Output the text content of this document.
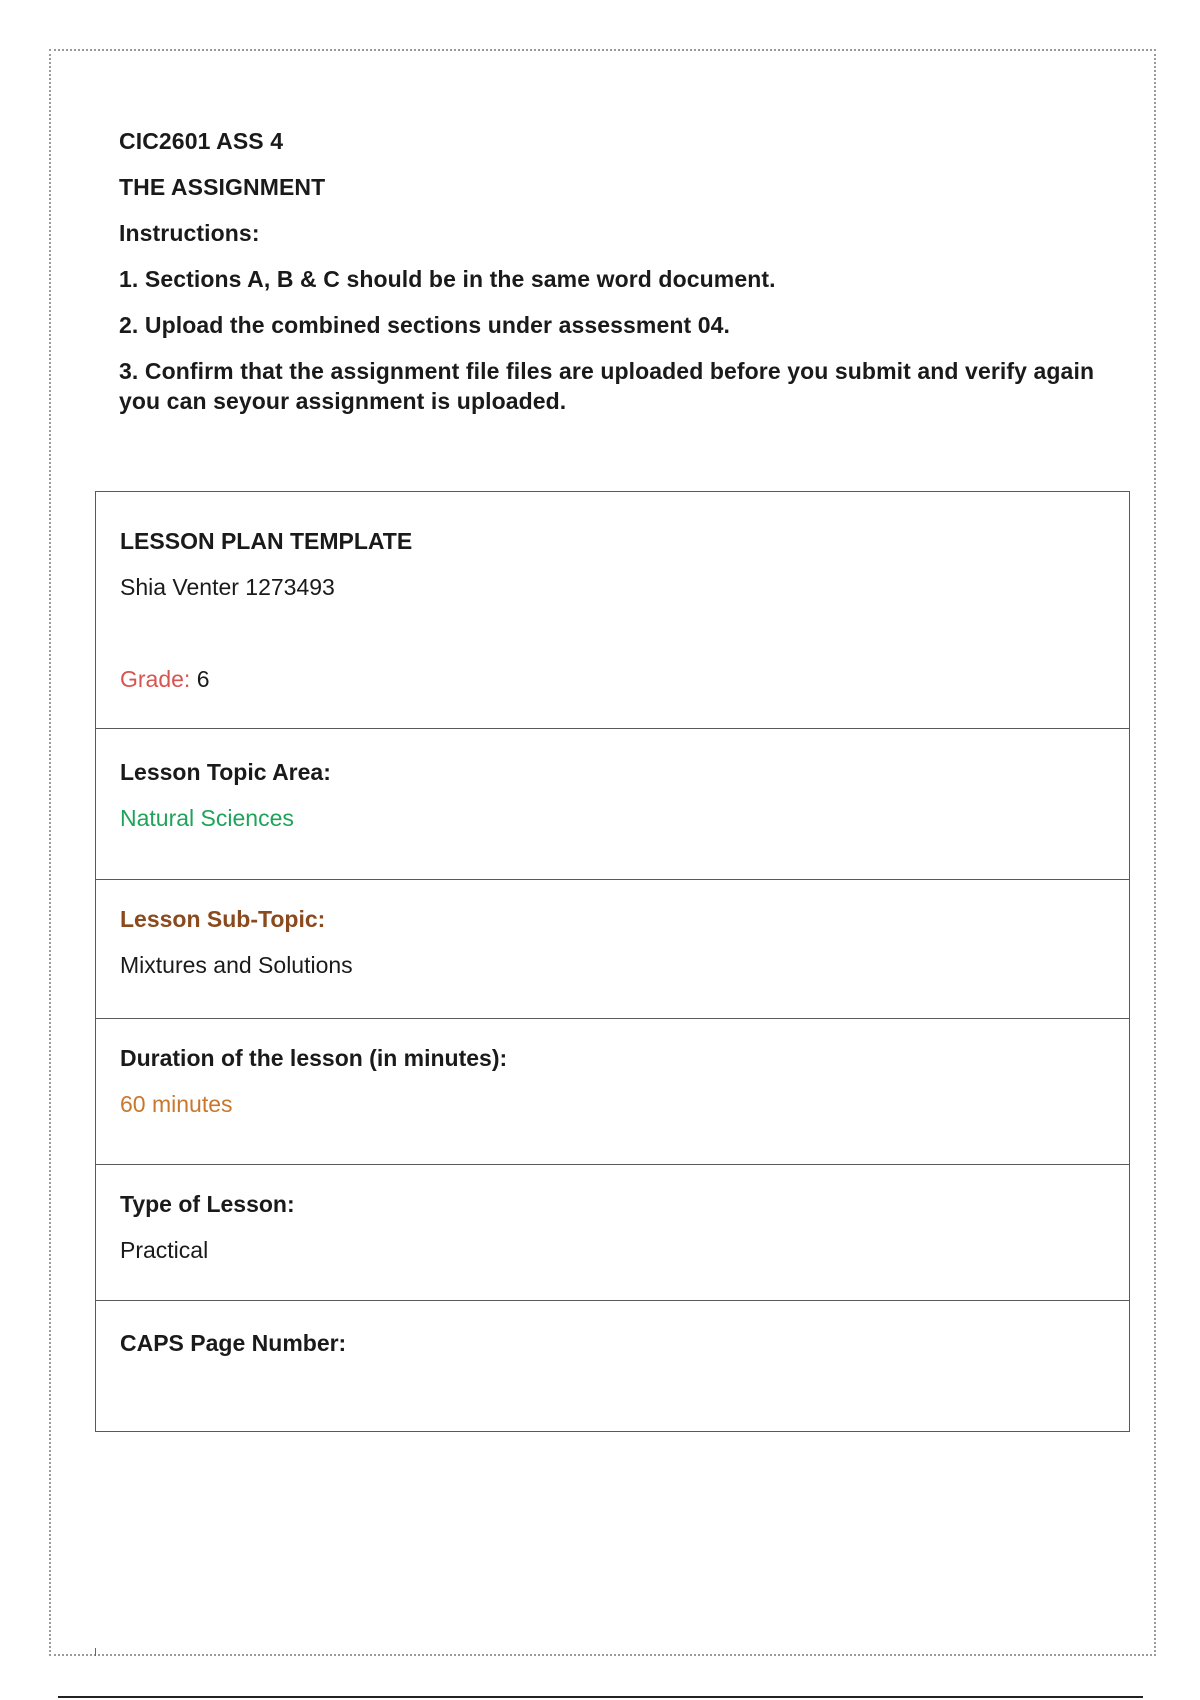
CIC2601 ASS 4
THE ASSIGNMENT
Instructions:
1. Sections A, B & C should be in the same word document.
2. Upload the combined sections under assessment 04.
3. Confirm that the assignment file files are uploaded before you submit and verify again you can seyour assignment is uploaded.
LESSON PLAN TEMPLATE
Shia Venter 1273493
Grade: 6
Lesson Topic Area:
Natural Sciences
Lesson Sub-Topic:
Mixtures and Solutions
Duration of the lesson (in minutes):
60 minutes
Type of Lesson:
Practical
CAPS Page Number:
